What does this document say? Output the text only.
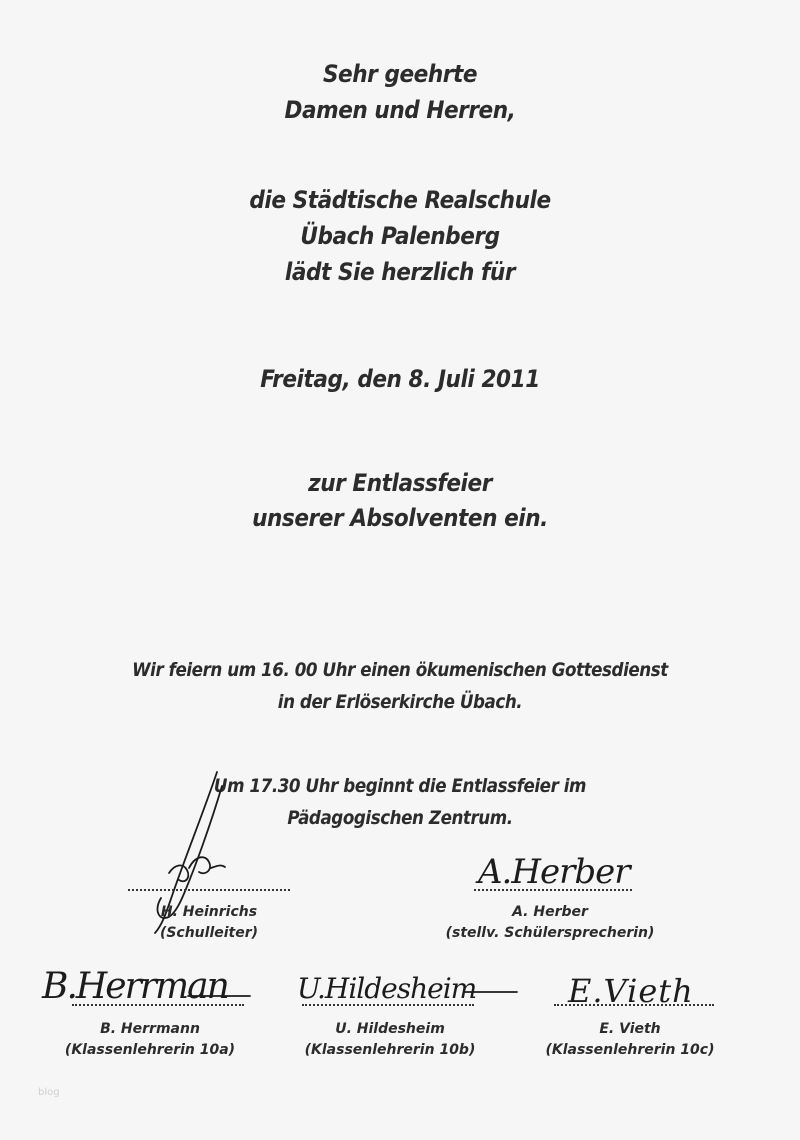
Sehr geehrte
Damen und Herren,
die Städtische Realschule
Übach Palenberg
lädt Sie herzlich für
Freitag, den 8. Juli 2011
zur Entlassfeier
unserer Absolventen ein.
Wir feiern um 16. 00 Uhr einen ökumenischen Gottesdienst
in der Erlöserkirche Übach.
Um 17.30 Uhr beginnt die Entlassfeier im
Pädagogischen Zentrum.
H. Heinrichs
(Schulleiter)
A.Herber
A. Herber
(stellv. Schülersprecherin)
B.Herrman
B. Herrmann
(Klassenlehrerin 10a)
U.Hildesheim
U. Hildesheim
(Klassenlehrerin 10b)
E.Vieth
E. Vieth
(Klassenlehrerin 10c)
blog
